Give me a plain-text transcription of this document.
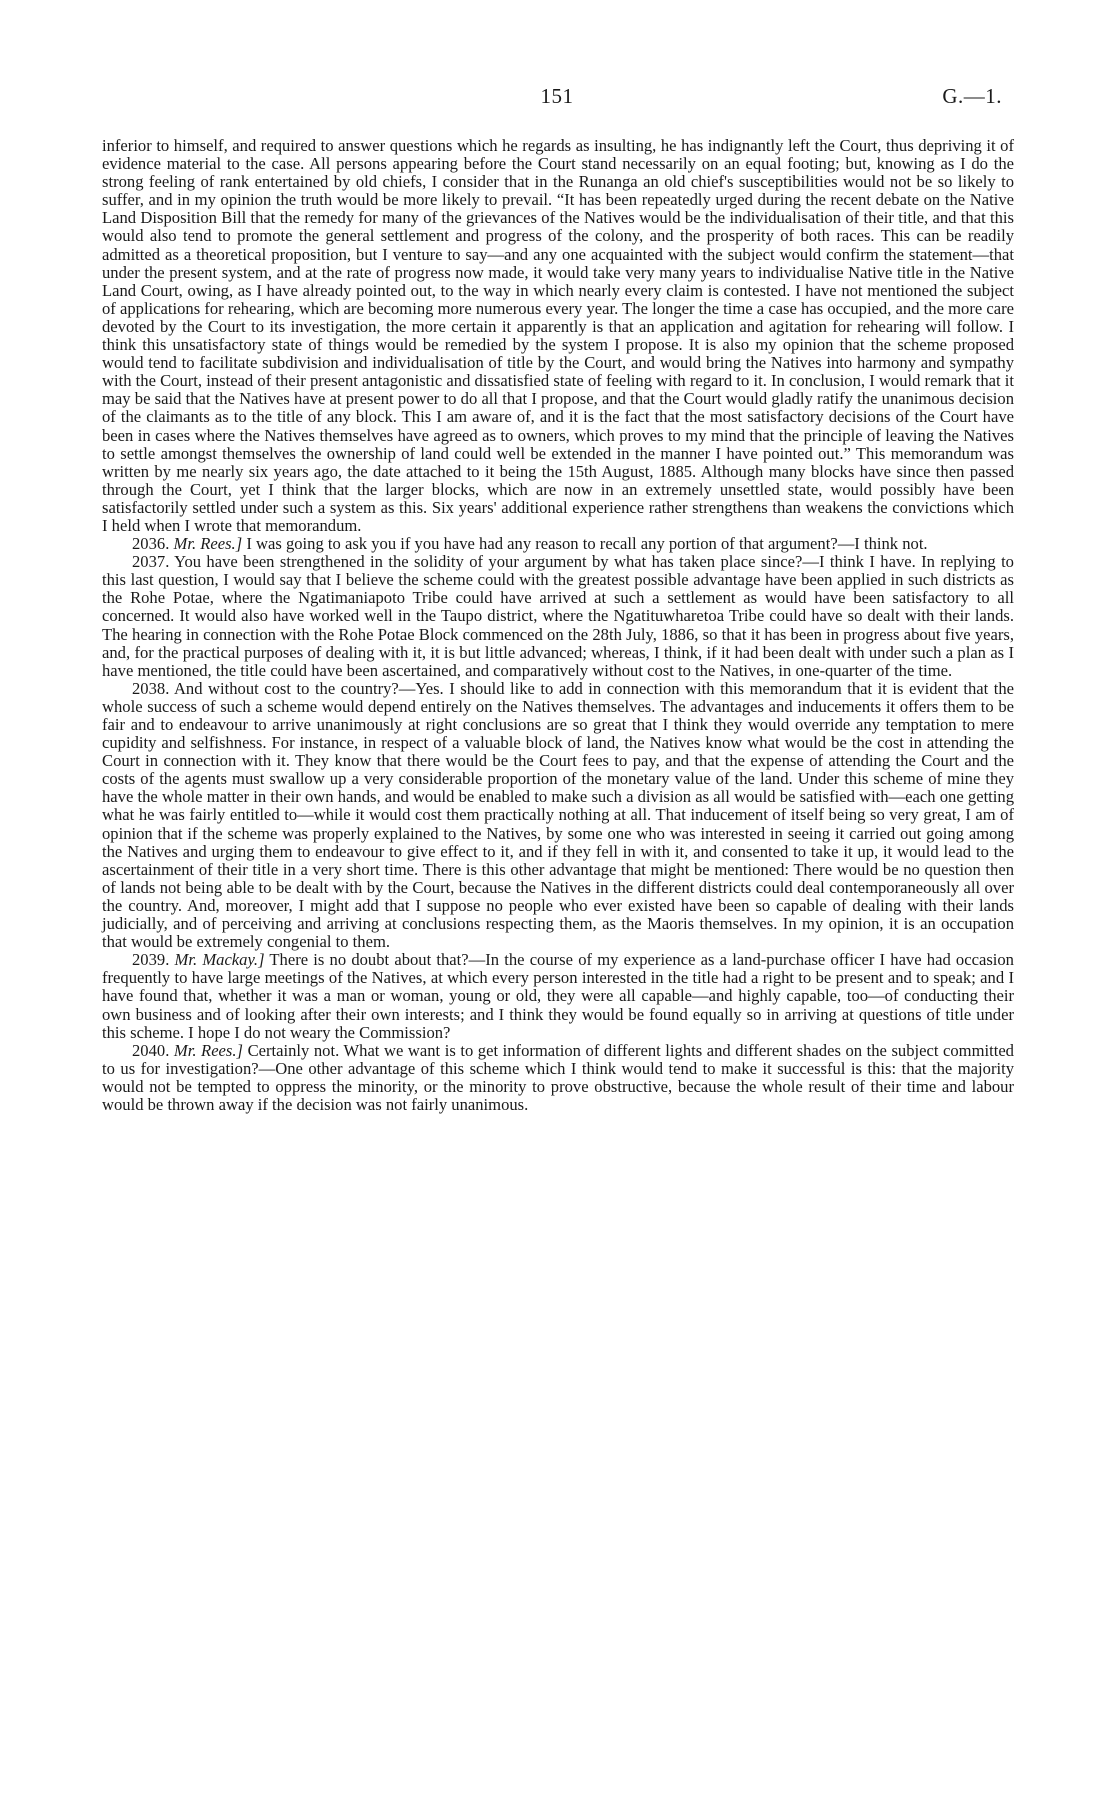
151	G.—1.

inferior to himself, and required to answer questions which he regards as insulting, he has indignantly left the Court, thus depriving it of evidence material to the case. All persons appearing before the Court stand necessarily on an equal footing; but, knowing as I do the strong feeling of rank entertained by old chiefs, I consider that in the Runanga an old chief's susceptibilities would not be so likely to suffer, and in my opinion the truth would be more likely to prevail. “It has been repeatedly urged during the recent debate on the Native Land Disposition Bill that the remedy for many of the grievances of the Natives would be the individualisation of their title, and that this would also tend to promote the general settlement and progress of the colony, and the prosperity of both races. This can be readily admitted as a theoretical proposition, but I venture to say—and any one acquainted with the subject would confirm the statement—that under the present system, and at the rate of progress now made, it would take very many years to individualise Native title in the Native Land Court, owing, as I have already pointed out, to the way in which nearly every claim is contested. I have not mentioned the subject of applications for rehearing, which are becoming more numerous every year. The longer the time a case has occupied, and the more care devoted by the Court to its investigation, the more certain it apparently is that an application and agitation for rehearing will follow. I think this unsatisfactory state of things would be remedied by the system I propose. It is also my opinion that the scheme proposed would tend to facilitate subdivision and individualisation of title by the Court, and would bring the Natives into harmony and sympathy with the Court, instead of their present antagonistic and dissatisfied state of feeling with regard to it. In conclusion, I would remark that it may be said that the Natives have at present power to do all that I propose, and that the Court would gladly ratify the unanimous decision of the claimants as to the title of any block. This I am aware of, and it is the fact that the most satisfactory decisions of the Court have been in cases where the Natives themselves have agreed as to owners, which proves to my mind that the principle of leaving the Natives to settle amongst themselves the ownership of land could well be extended in the manner I have pointed out.” This memorandum was written by me nearly six years ago, the date attached to it being the 15th August, 1885. Although many blocks have since then passed through the Court, yet I think that the larger blocks, which are now in an extremely unsettled state, would possibly have been satisfactorily settled under such a system as this. Six years' additional experience rather strengthens than weakens the convictions which I held when I wrote that memorandum.

2036. Mr. Rees.] I was going to ask you if you have had any reason to recall any portion of that argument?—I think not.

2037. You have been strengthened in the solidity of your argument by what has taken place since?—I think I have. In replying to this last question, I would say that I believe the scheme could with the greatest possible advantage have been applied in such districts as the Rohe Potae, where the Ngatimaniapoto Tribe could have arrived at such a settlement as would have been satisfactory to all concerned. It would also have worked well in the Taupo district, where the Ngatituwharetoa Tribe could have so dealt with their lands. The hearing in connection with the Rohe Potae Block commenced on the 28th July, 1886, so that it has been in progress about five years, and, for the practical purposes of dealing with it, it is but little advanced; whereas, I think, if it had been dealt with under such a plan as I have mentioned, the title could have been ascertained, and comparatively without cost to the Natives, in one-quarter of the time.

2038. And without cost to the country?—Yes. I should like to add in connection with this memorandum that it is evident that the whole success of such a scheme would depend entirely on the Natives themselves. The advantages and inducements it offers them to be fair and to endeavour to arrive unanimously at right conclusions are so great that I think they would override any temptation to mere cupidity and selfishness. For instance, in respect of a valuable block of land, the Natives know what would be the cost in attending the Court in connection with it. They know that there would be the Court fees to pay, and that the expense of attending the Court and the costs of the agents must swallow up a very considerable proportion of the monetary value of the land. Under this scheme of mine they have the whole matter in their own hands, and would be enabled to make such a division as all would be satisfied with—each one getting what he was fairly entitled to—while it would cost them practically nothing at all. That inducement of itself being so very great, I am of opinion that if the scheme was properly explained to the Natives, by some one who was interested in seeing it carried out going among the Natives and urging them to endeavour to give effect to it, and if they fell in with it, and consented to take it up, it would lead to the ascertainment of their title in a very short time. There is this other advantage that might be mentioned: There would be no question then of lands not being able to be dealt with by the Court, because the Natives in the different districts could deal contemporaneously all over the country. And, moreover, I might add that I suppose no people who ever existed have been so capable of dealing with their lands judicially, and of perceiving and arriving at conclusions respecting them, as the Maoris themselves. In my opinion, it is an occupation that would be extremely congenial to them.

2039. Mr. Mackay.] There is no doubt about that?—In the course of my experience as a land-purchase officer I have had occasion frequently to have large meetings of the Natives, at which every person interested in the title had a right to be present and to speak; and I have found that, whether it was a man or woman, young or old, they were all capable—and highly capable, too—of conducting their own business and of looking after their own interests; and I think they would be found equally so in arriving at questions of title under this scheme. I hope I do not weary the Commission?

2040. Mr. Rees.] Certainly not. What we want is to get information of different lights and different shades on the subject committed to us for investigation?—One other advantage of this scheme which I think would tend to make it successful is this: that the majority would not be tempted to oppress the minority, or the minority to prove obstructive, because the whole result of their time and labour would be thrown away if the decision was not fairly unanimous.
